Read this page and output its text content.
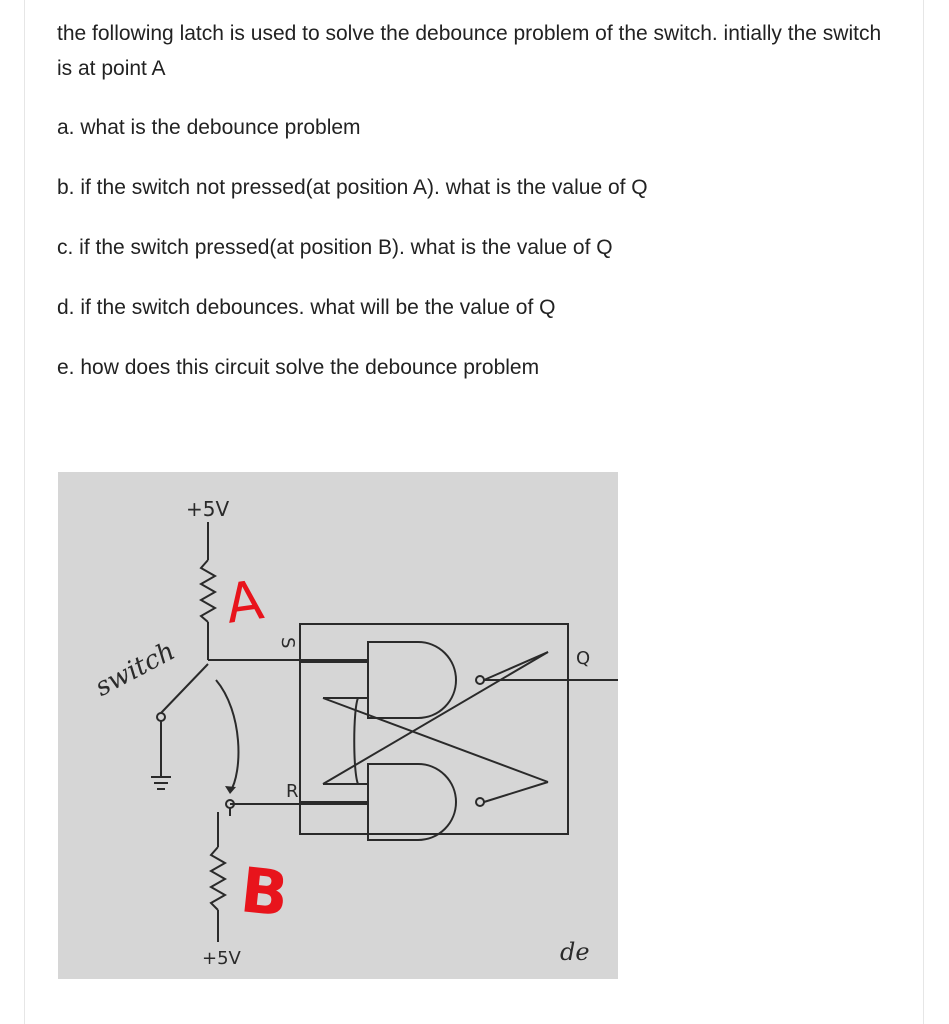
the following latch is used to solve the debounce problem of the switch. intially the switch is at point A

a. what is the debounce problem

b. if the switch not pressed(at position A). what is the value of Q

c. if the switch pressed(at position B). what is the value of Q

d. if the switch debounces. what will be the value of Q

e. how does this circuit solve the debounce problem

+5V
+5V
S
R
Q
switch
A
B
de
